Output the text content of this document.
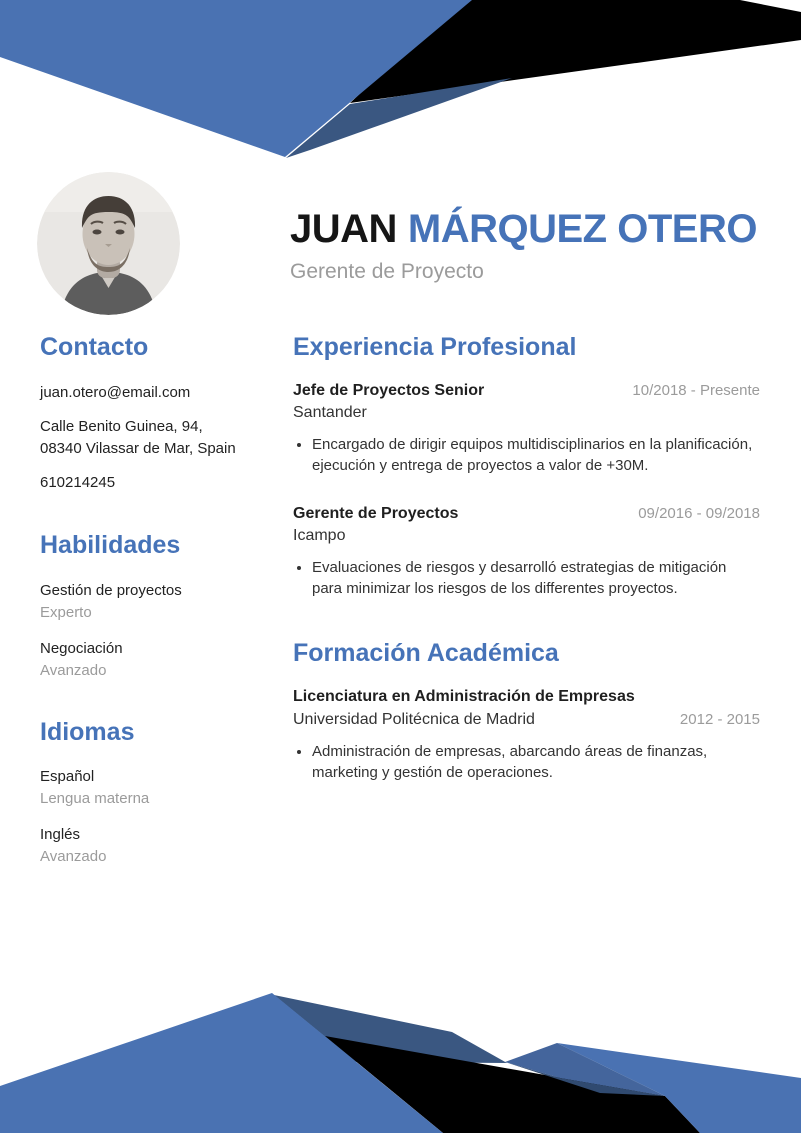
JUAN MÁRQUEZ OTERO
Gerente de Proyecto
Contacto
juan.otero@email.com
Calle Benito Guinea, 94,
08340 Vilassar de Mar, Spain
610214245
Habilidades
Gestión de proyectos
Experto
Negociación
Avanzado
Idiomas
Español
Lengua materna
Inglés
Avanzado
Experiencia Profesional
Jefe de Proyectos Senior	10/2018 - Presente
Santander
• Encargado de dirigir equipos multidisciplinarios en la planificación, ejecución y entrega de proyectos a valor de +30M.
Gerente de Proyectos	09/2016 - 09/2018
Icampo
• Evaluaciones de riesgos y desarrolló estrategias de mitigación para minimizar los riesgos de los differentes proyectos.
Formación Académica
Licenciatura en Administración de Empresas
Universidad Politécnica de Madrid	2012 - 2015
• Administración de empresas, abarcando áreas de finanzas, marketing y gestión de operaciones.
